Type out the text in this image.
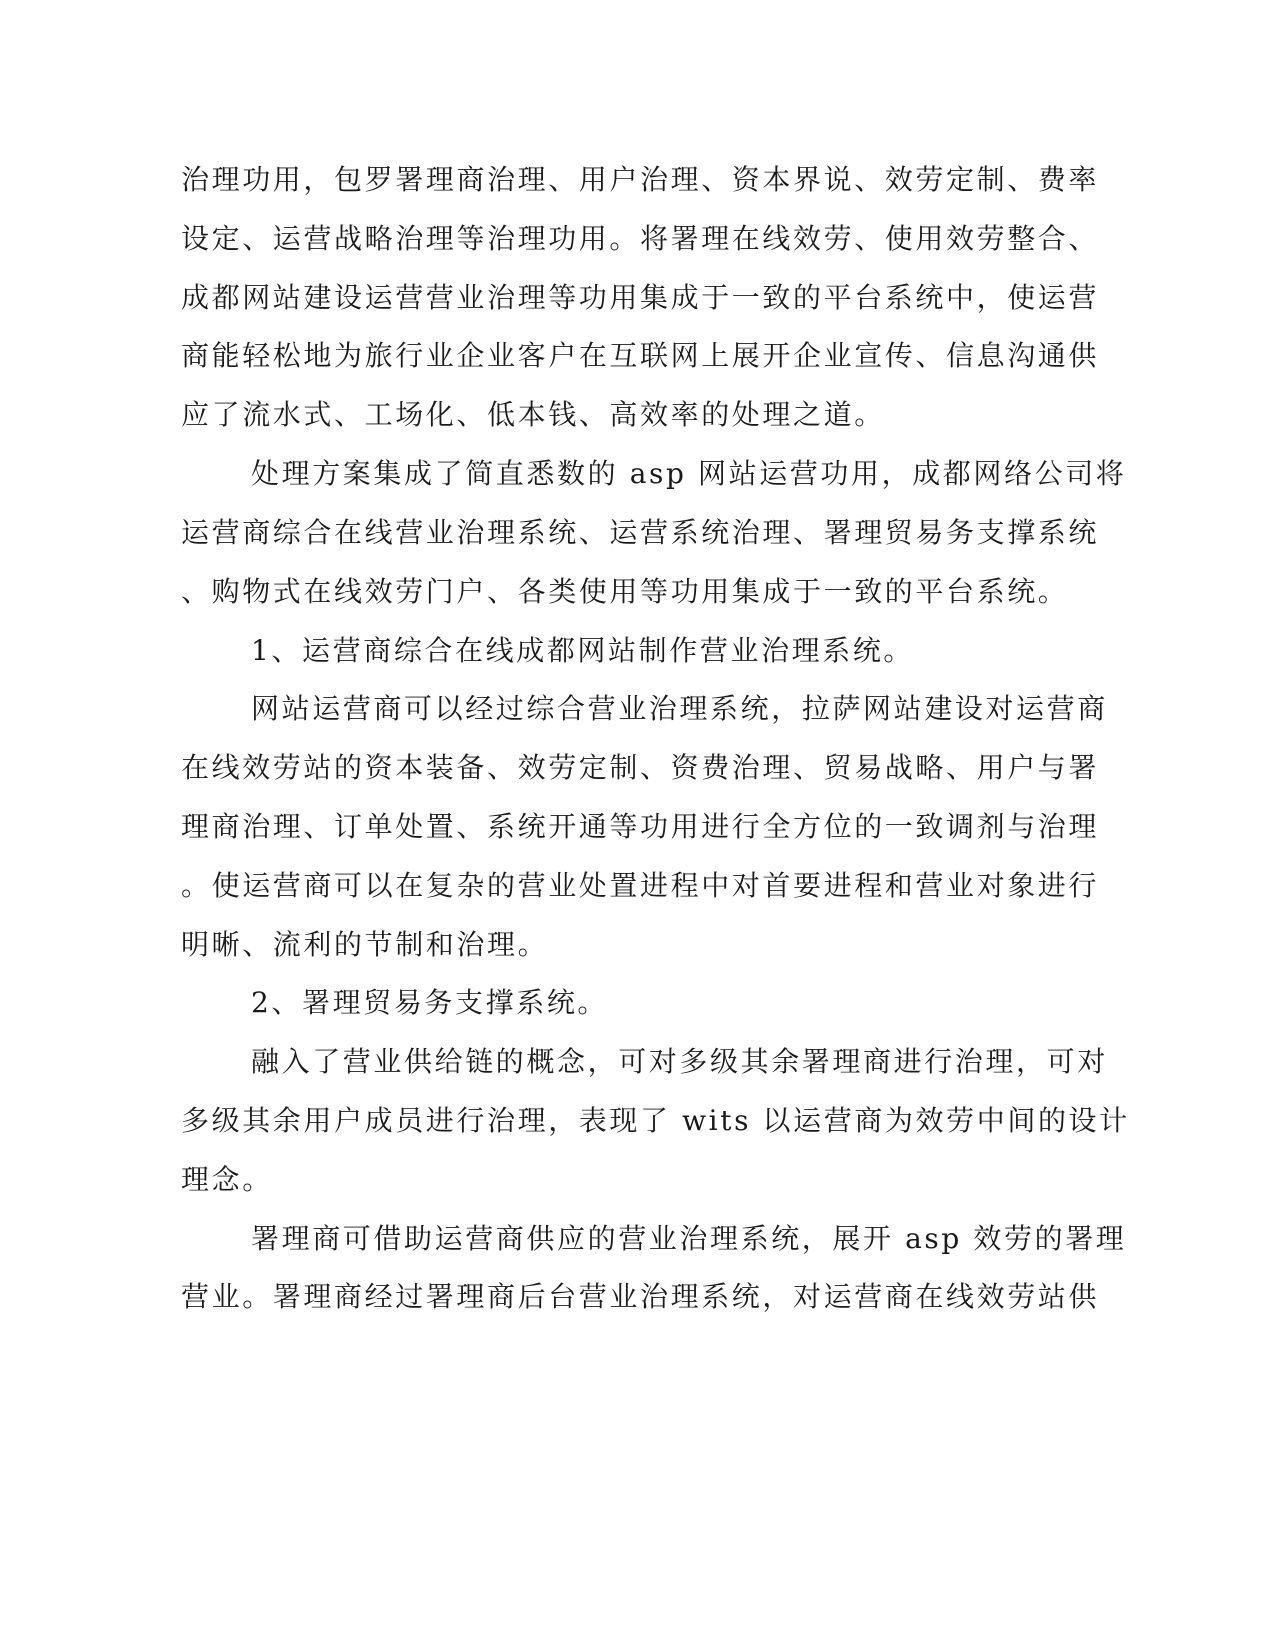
治理功用，包罗署理商治理、用户治理、资本界说、效劳定制、费率
设定、运营战略治理等治理功用。将署理在线效劳、使用效劳整合、
成都网站建设运营营业治理等功用集成于一致的平台系统中，使运营
商能轻松地为旅行业企业客户在互联网上展开企业宣传、信息沟通供
应了流水式、工场化、低本钱、高效率的处理之道。
处理方案集成了简直悉数的 asp 网站运营功用，成都网络公司将
运营商综合在线营业治理系统、运营系统治理、署理贸易务支撑系统
、购物式在线效劳门户、各类使用等功用集成于一致的平台系统。
1、运营商综合在线成都网站制作营业治理系统。
网站运营商可以经过综合营业治理系统，拉萨网站建设对运营商
在线效劳站的资本装备、效劳定制、资费治理、贸易战略、用户与署
理商治理、订单处置、系统开通等功用进行全方位的一致调剂与治理
。使运营商可以在复杂的营业处置进程中对首要进程和营业对象进行
明晰、流利的节制和治理。
2、署理贸易务支撑系统。
融入了营业供给链的概念，可对多级其余署理商进行治理，可对
多级其余用户成员进行治理，表现了 wits 以运营商为效劳中间的设计
理念。
署理商可借助运营商供应的营业治理系统，展开 asp 效劳的署理
营业。署理商经过署理商后台营业治理系统，对运营商在线效劳站供
